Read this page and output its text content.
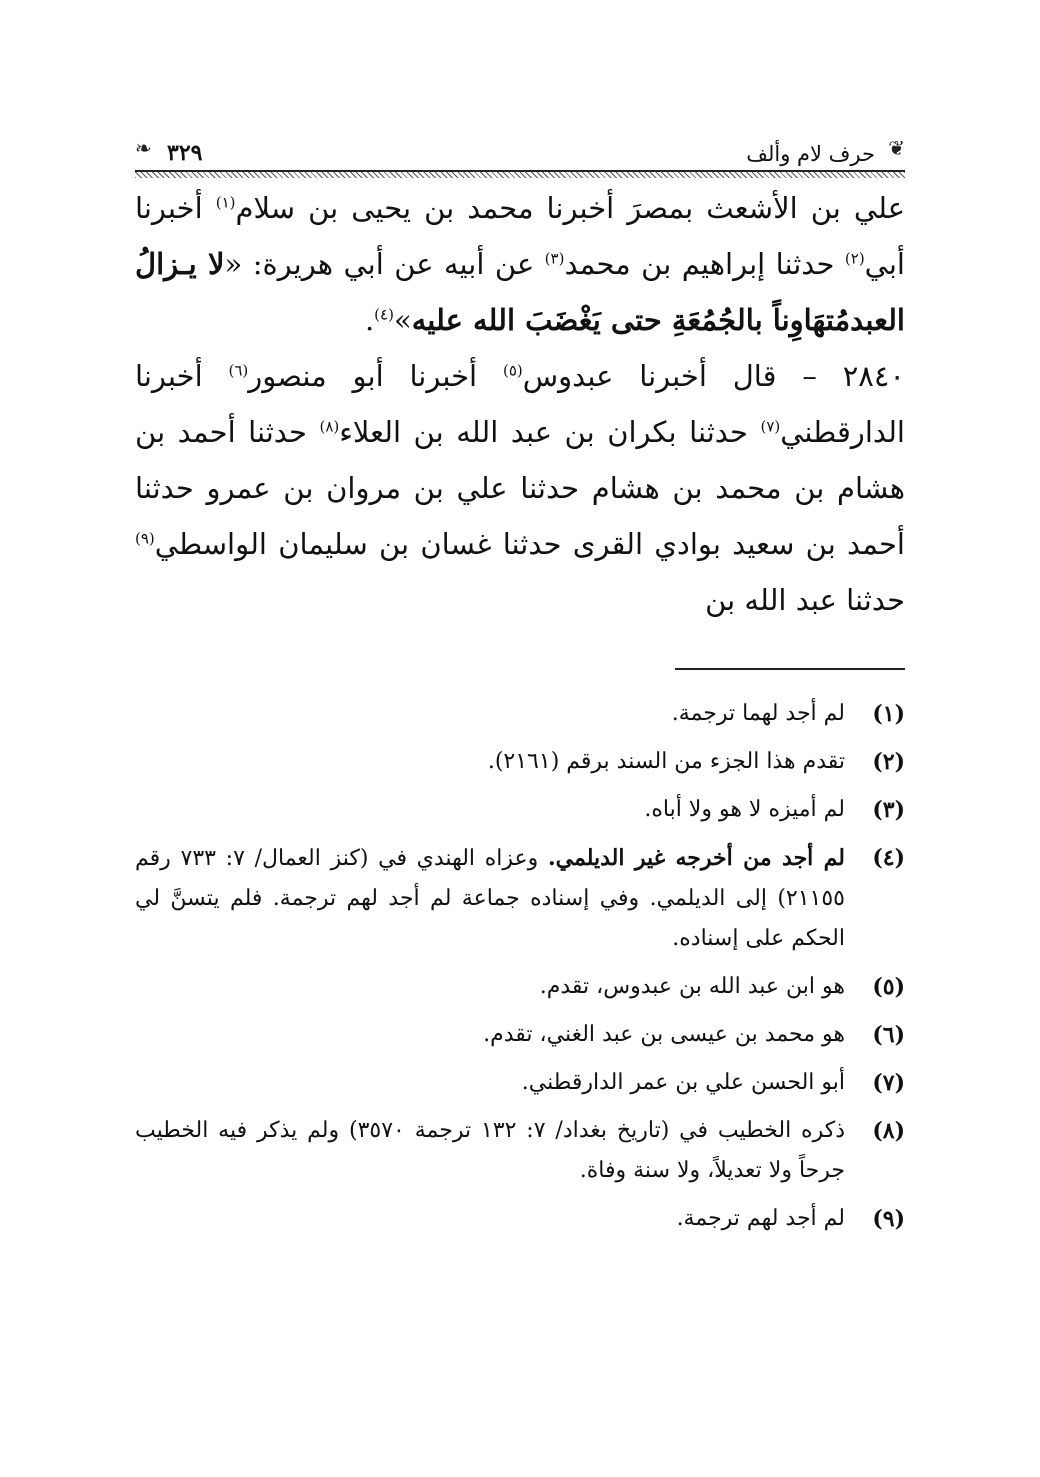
❦
حرف لام وألف
٣٢٩
❧

علي بن الأشعث بمصرَ أخبرنا محمد بن يحيى بن سلام$^{(١)}$ أخبرنا أبي$^{(٢)}$ حدثنا إبراهيم بن محمد$^{(٣)}$ عن أبيه عن أبي هريرة: «لا يـزالُ العبدمُتهَاوِناً بالجُمُعَةِ حتى يَغْضَبَ الله عليه»$^{(٤)}$.

٢٨٤٠ – قال أخبرنا عبدوس$^{(٥)}$ أخبرنا أبو منصور$^{(٦)}$ أخبرنا الدارقطني$^{(٧)}$ حدثنا بكران بن عبد الله بن العلاء$^{(٨)}$ حدثنا أحمد بن هشام بن محمد بن هشام حدثنا علي بن مروان بن عمرو حدثنا أحمد بن سعيد بوادي القرى حدثنا غسان بن سليمان الواسطي$^{(٩)}$ حدثنا عبد الله بن

(١)
لم أجد لهما ترجمة.
(٢)
تقدم هذا الجزء من السند برقم (٢١٦١).
(٣)
لم أميزه لا هو ولا أباه.
(٤)
لم أجد من أخرجه غير الديلمي. وعزاه الهندي في (كنز العمال/ ٧: ٧٣٣ رقم ٢١١٥٥) إلى الديلمي. وفي إسناده جماعة لم أجد لهم ترجمة. فلم يتسنَّ لي الحكم على إسناده.
(٥)
هو ابن عبد الله بن عبدوس، تقدم.
(٦)
هو محمد بن عيسى بن عبد الغني، تقدم.
(٧)
أبو الحسن علي بن عمر الدارقطني.
(٨)
ذكره الخطيب في (تاريخ بغداد/ ٧: ١٣٢ ترجمة ٣٥٧٠) ولم يذكر فيه الخطيب جرحاً ولا تعديلاً، ولا سنة وفاة.
(٩)
لم أجد لهم ترجمة.
